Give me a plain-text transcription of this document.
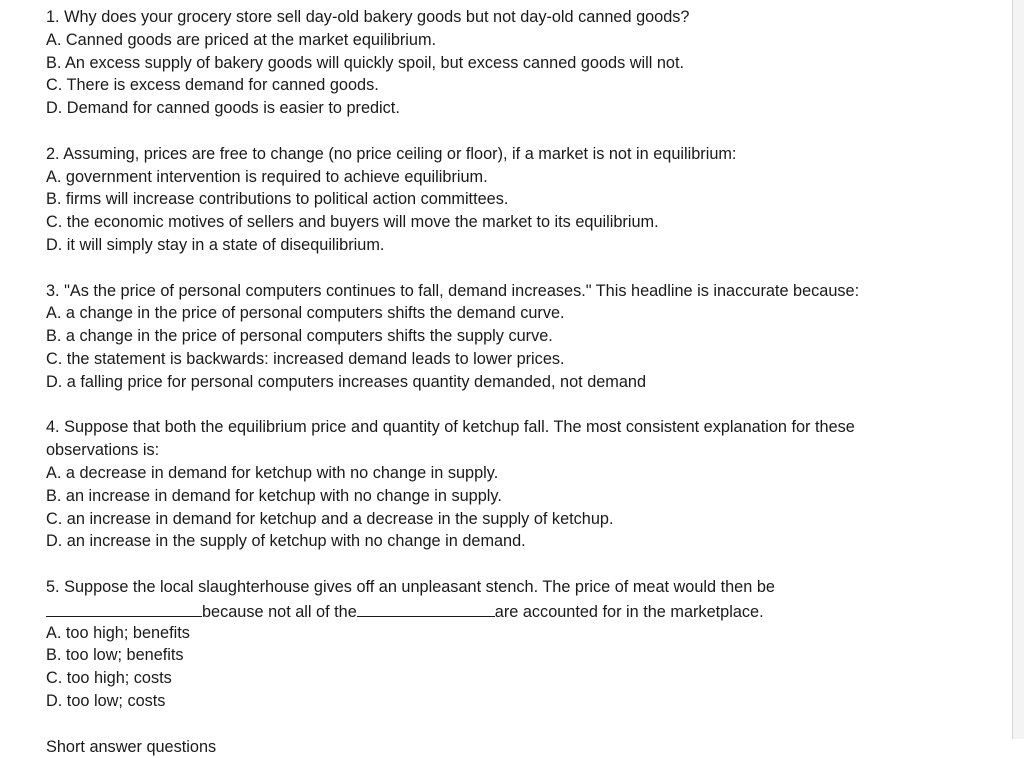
1. Why does your grocery store sell day-old bakery goods but not day-old canned goods?
A. Canned goods are priced at the market equilibrium.
B. An excess supply of bakery goods will quickly spoil, but excess canned goods will not.
C. There is excess demand for canned goods.
D. Demand for canned goods is easier to predict.
2. Assuming, prices are free to change (no price ceiling or floor), if a market is not in equilibrium:
A. government intervention is required to achieve equilibrium.
B. firms will increase contributions to political action committees.
C. the economic motives of sellers and buyers will move the market to its equilibrium.
D. it will simply stay in a state of disequilibrium.
3. "As the price of personal computers continues to fall, demand increases." This headline is inaccurate because:
A. a change in the price of personal computers shifts the demand curve.
B. a change in the price of personal computers shifts the supply curve.
C. the statement is backwards: increased demand leads to lower prices.
D. a falling price for personal computers increases quantity demanded, not demand
4. Suppose that both the equilibrium price and quantity of ketchup fall. The most consistent explanation for these
observations is:
A. a decrease in demand for ketchup with no change in supply.
B. an increase in demand for ketchup with no change in supply.
C. an increase in demand for ketchup and a decrease in the supply of ketchup.
D. an increase in the supply of ketchup with no change in demand.
5. Suppose the local slaughterhouse gives off an unpleasant stench. The price of meat would then be
because not all of the	are accounted for in the marketplace.
A. too high; benefits
B. too low; benefits
C. too high; costs
D. too low; costs
Short answer questions
